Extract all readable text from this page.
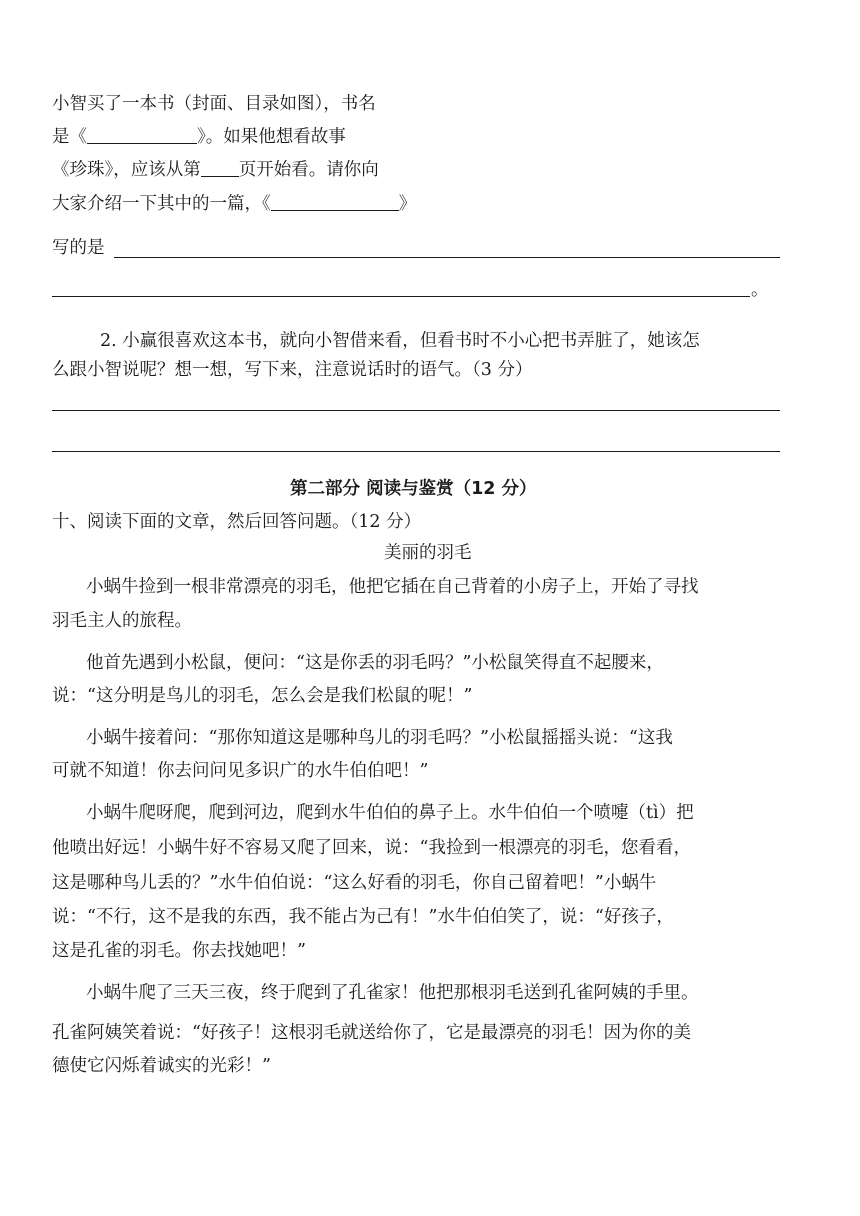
小智买了一本书（封面、目录如图），书名
是《	》。如果他想看故事
《珍珠》，应该从第 页开始看。请你向
大家介绍一下其中的一篇，《	》
写的是
。
2. 小赢很喜欢这本书，就向小智借来看，但看书时不小心把书弄脏了，她该怎
么跟小智说呢？想一想，写下来，注意说话时的语气。（3 分）
第二部分 阅读与鉴赏（12 分）
十、阅读下面的文章，然后回答问题。（12 分）
美丽的羽毛
小蜗牛捡到一根非常漂亮的羽毛，他把它插在自己背着的小房子上，开始了寻找
羽毛主人的旅程。
他首先遇到小松鼠，便问：“这是你丢的羽毛吗？”小松鼠笑得直不起腰来，
说：“这分明是鸟儿的羽毛，怎么会是我们松鼠的呢！”
小蜗牛接着问：“那你知道这是哪种鸟儿的羽毛吗？”小松鼠摇摇头说：“这我
可就不知道！你去问问见多识广的水牛伯伯吧！”
小蜗牛爬呀爬，爬到河边，爬到水牛伯伯的鼻子上。水牛伯伯一个喷嚏（tì）把
他喷出好远！小蜗牛好不容易又爬了回来，说：“我捡到一根漂亮的羽毛，您看看，
这是哪种鸟儿丢的？”水牛伯伯说：“这么好看的羽毛，你自己留着吧！”小蜗牛
说：“不行，这不是我的东西，我不能占为己有！”水牛伯伯笑了，说：“好孩子，
这是孔雀的羽毛。你去找她吧！”
小蜗牛爬了三天三夜，终于爬到了孔雀家！他把那根羽毛送到孔雀阿姨的手里。
孔雀阿姨笑着说：“好孩子！这根羽毛就送给你了，它是最漂亮的羽毛！因为你的美
德使它闪烁着诚实的光彩！”
